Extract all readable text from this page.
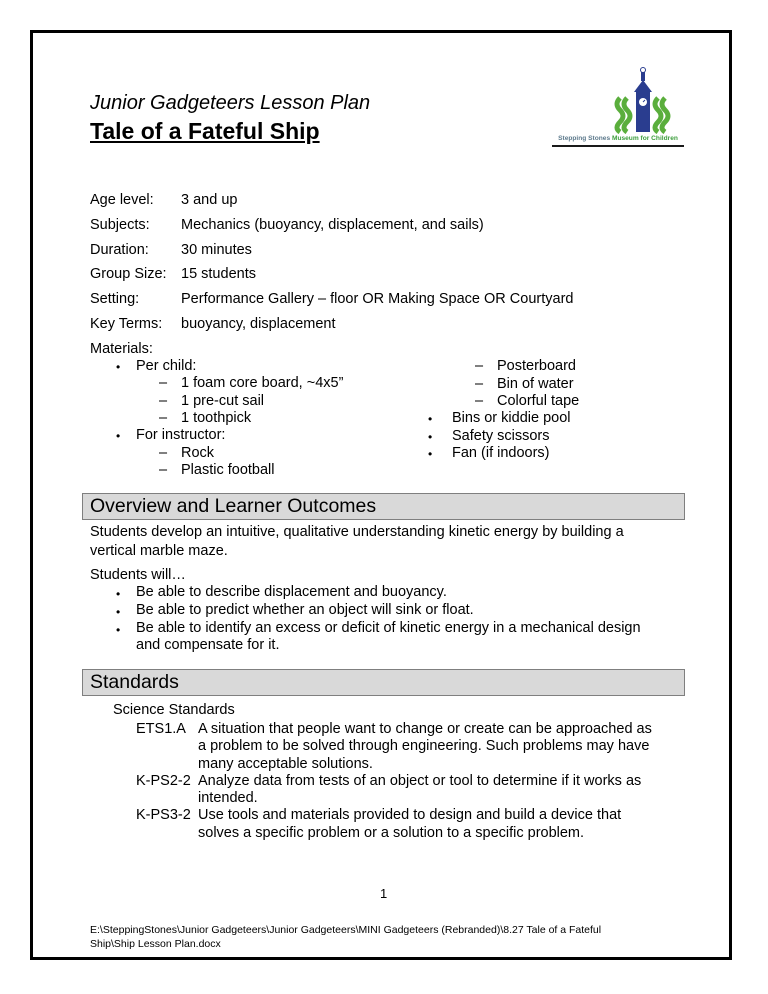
Junior Gadgeteers Lesson Plan
Tale of a Fateful Ship	Stepping Stones Museum for Children
Age level: 3 and up
Subjects: Mechanics (buoyancy, displacement, and sails)
Duration: 30 minutes
Group Size: 15 students
Setting:	Performance Gallery – floor OR Making Space OR Courtyard
Key Terms: buoyancy, displacement
Materials:
• Per child:
– 1 foam core board, ~4x5”
– 1 pre-cut sail
– 1 toothpick
• For instructor:
– Rock
– Plastic football
– Posterboard
– Bin of water
– Colorful tape
• Bins or kiddie pool
• Safety scissors
• Fan (if indoors)
Overview and Learner Outcomes
Students develop an intuitive, qualitative understanding kinetic energy by building a
vertical marble maze.
Students will…
• Be able to describe displacement and buoyancy.
• Be able to predict whether an object will sink or float.
• Be able to identify an excess or deficit of kinetic energy in a mechanical design
and compensate for it.
Standards
Science Standards
ETS1.A A situation that people want to change or create can be approached as
a problem to be solved through engineering. Such problems may have
many acceptable solutions.
K-PS2-2 Analyze data from tests of an object or tool to determine if it works as
intended.
K-PS3-2 Use tools and materials provided to design and build a device that
solves a specific problem or a solution to a specific problem.
1
E:\SteppingStones\Junior Gadgeteers\Junior Gadgeteers\MINI Gadgeteers (Rebranded)\8.27 Tale of a Fateful
Ship\Ship Lesson Plan.docx
